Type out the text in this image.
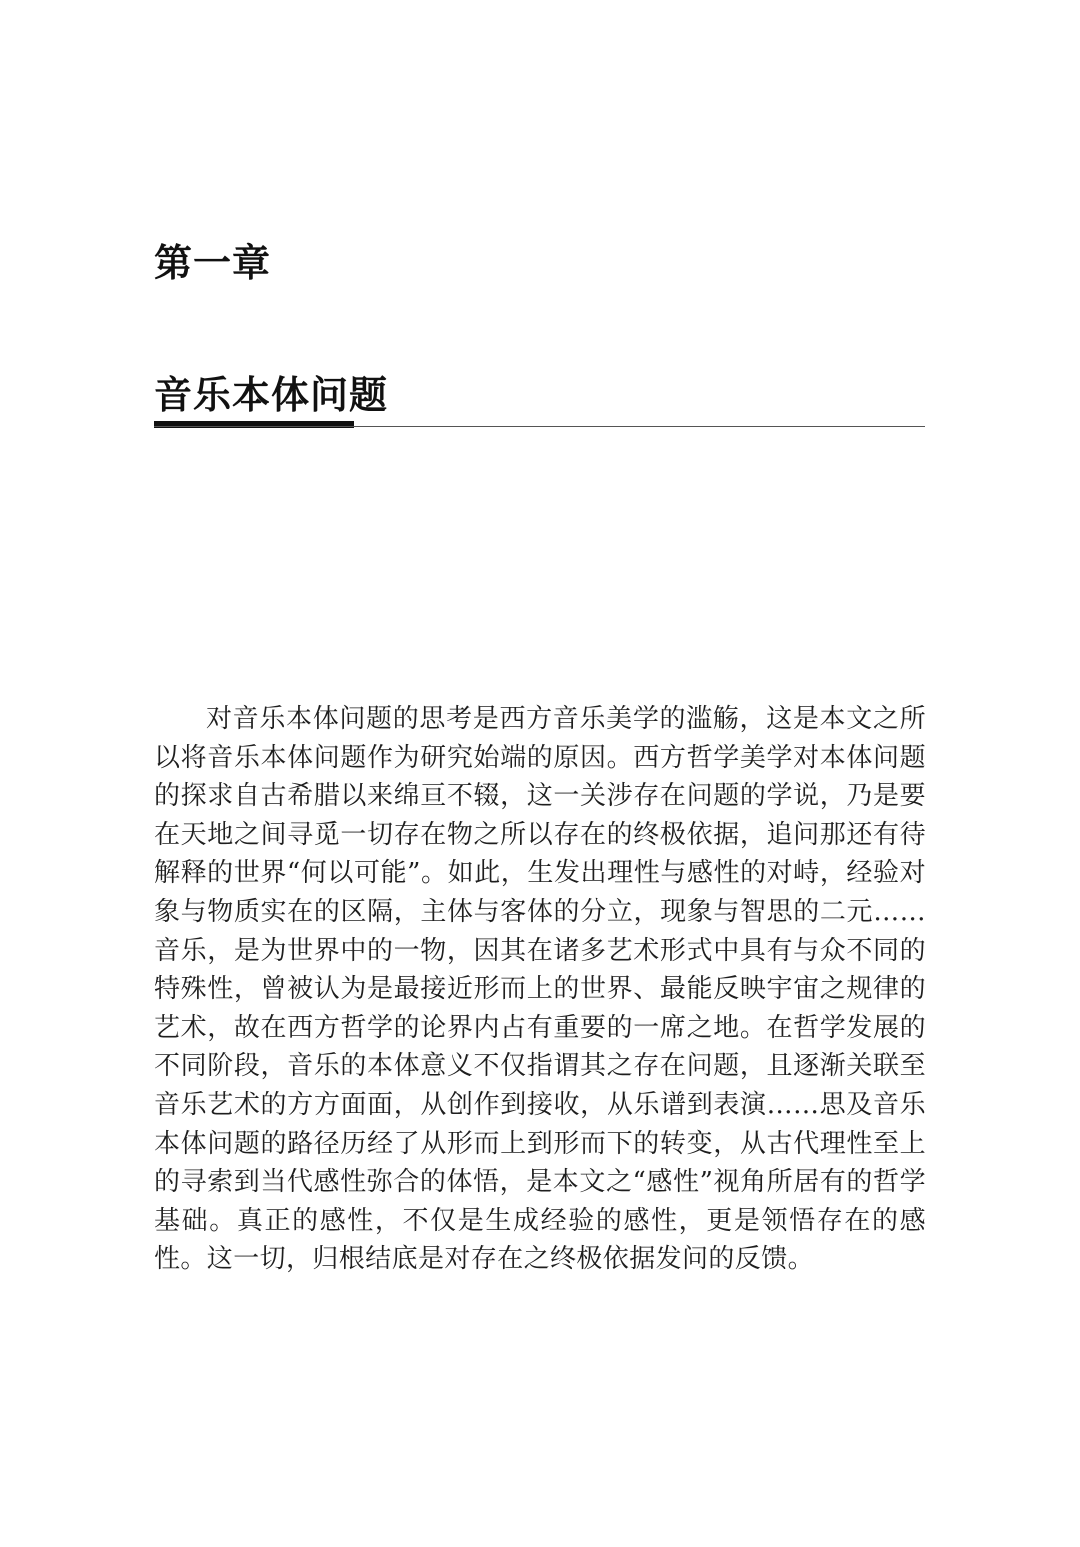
第一章
音乐本体问题

对音乐本体问题的思考是西方音乐美学的滥觞，这是本文之所以将音乐本体问题作为研究始端的原因。西方哲学美学对本体问题的探求自古希腊以来绵亘不辍，这一关涉存在问题的学说，乃是要在天地之间寻觅一切存在物之所以存在的终极依据，追问那还有待解释的世界“何以可能”。如此，生发出理性与感性的对峙，经验对象与物质实在的区隔，主体与客体的分立，现象与智思的二元……音乐，是为世界中的一物，因其在诸多艺术形式中具有与众不同的特殊性，曾被认为是最接近形而上的世界、最能反映宇宙之规律的艺术，故在西方哲学的论界内占有重要的一席之地。在哲学发展的不同阶段，音乐的本体意义不仅指谓其之存在问题，且逐渐关联至音乐艺术的方方面面，从创作到接收，从乐谱到表演……思及音乐本体问题的路径历经了从形而上到形而下的转变，从古代理性至上的寻索到当代感性弥合的体悟，是本文之“感性”视角所居有的哲学基础。真正的感性，不仅是生成经验的感性，更是领悟存在的感性。这一切，归根结底是对存在之终极依据发问的反馈。
